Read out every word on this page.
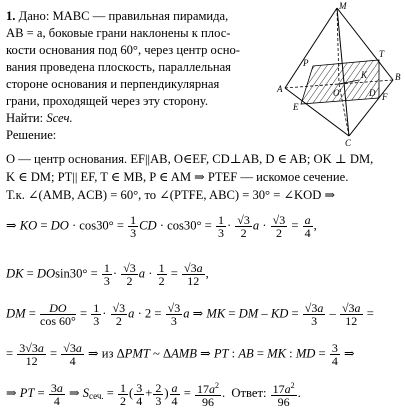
1. Дано: MABC — правильная пирамида,
AB = a, боковые грани наклонены к плос-
кости основания под 60°, через центр осно-
вания проведена плоскость, параллельная
стороне основания и перпендикулярная
грани, проходящей через эту сторону.
Найти: Sсеч.
Решение:
O — центр основания. EF||AB, O∈EF, CD⊥AB, D ∈ AB; OK ⊥ DM,
K ∈ DM; PT|| EF, T ∈ MB, P ∈ AM ⇒ PTEF — искомое сечение.
Т.к. ∠(AMB, ACB) = 60°, то ∠(PTFE, ABC) = 30° = ∠KOD ⇒
⇒ KO = DO · $\cos 30^\circ = \frac{1}{3}$ CD · $\cos 30^\circ = \frac{1}{3} \cdot \frac{√3}{2}$ $a \cdot \frac{√3}{2} = \frac{a}{4}$ ,
DK = $DOsin30^\circ = \frac{1}{3} \cdot \frac{√3}{2}$ $a \cdot \frac{1}{2} = \frac{√3a}{12}$ ,
DM = $\frac{DO}{\cos 60^\circ} = \frac{1}{3} \cdot \frac{√3}{2}$ $a \cdot 2 = \frac{√3}{3}$ a ⇒ MK = DM – KD = $\frac{√3a}{3} - \frac{√3a}{12}$ =
= $\frac{3√3a}{12} = \frac{√3a}{4}$ ⇒ из ΔPMT ~ ΔAMB ⇒ PT : AB = MK : MD = $\frac{3}{4}$ ⇒
⇒ PT = $\frac{3a}{4}$ ⇒ Sсеч. = $\frac{1}{2}$ ( $\frac{3}{4} + \frac{2}{3}$ ) $\frac{a}{4} = \frac{17a^2}{96}$ .  Ответ: $\frac{17a^2}{96}$ .
M
B
P
T
A
K
E
O	F
D
C
